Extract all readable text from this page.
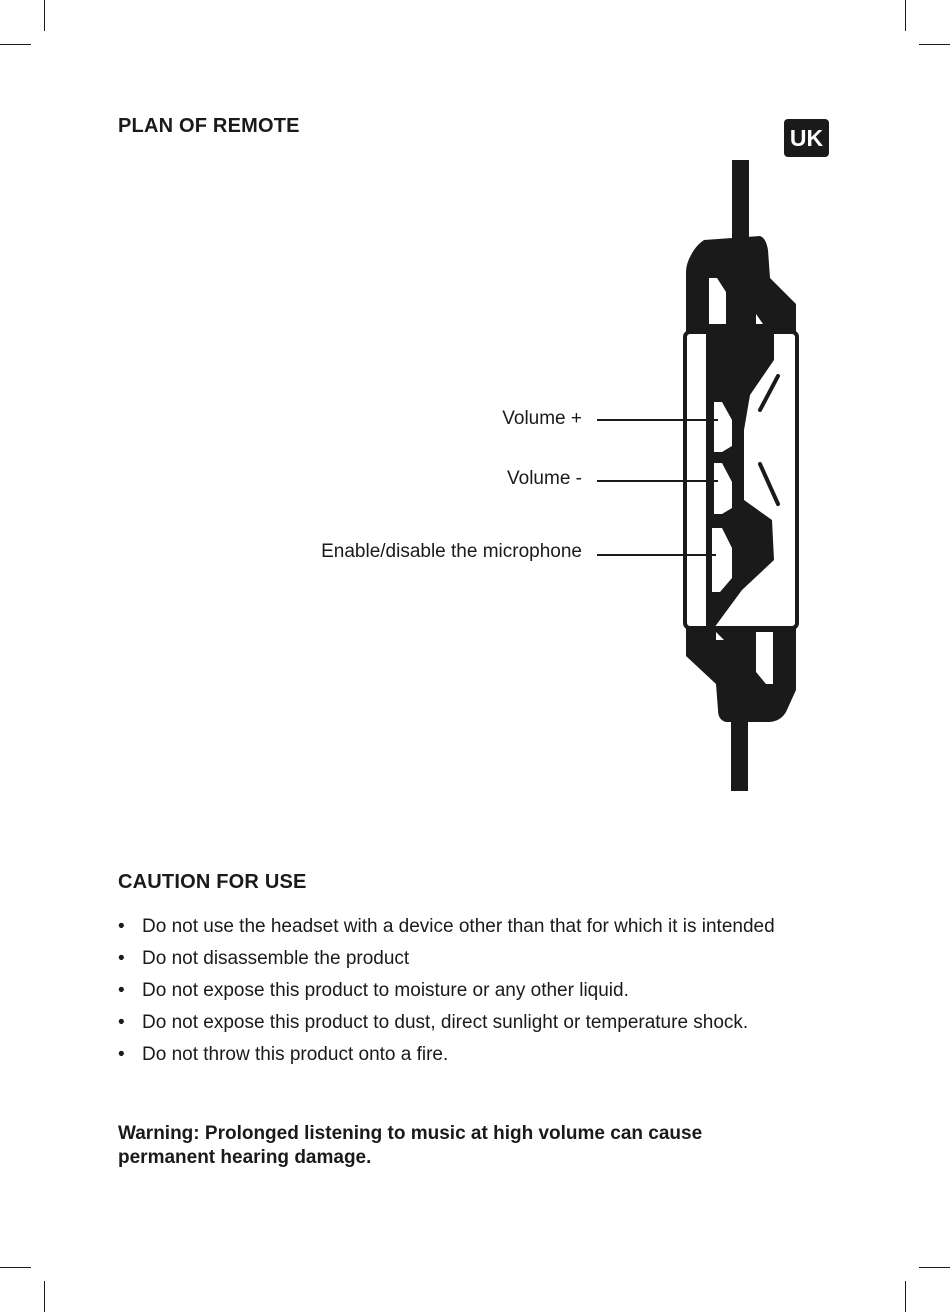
PLAN OF REMOTE	UK

Volume +

Volume -

Enable/disable the microphone

CAUTION FOR USE
• Do not use the headset with a device other than that for which it is intended
• Do not disassemble the product
• Do not expose this product to moisture or any other liquid.
• Do not expose this product to dust, direct sunlight or temperature shock.
• Do not throw this product onto a fire.

Warning: Prolonged listening to music at high volume can cause permanent hearing damage.
